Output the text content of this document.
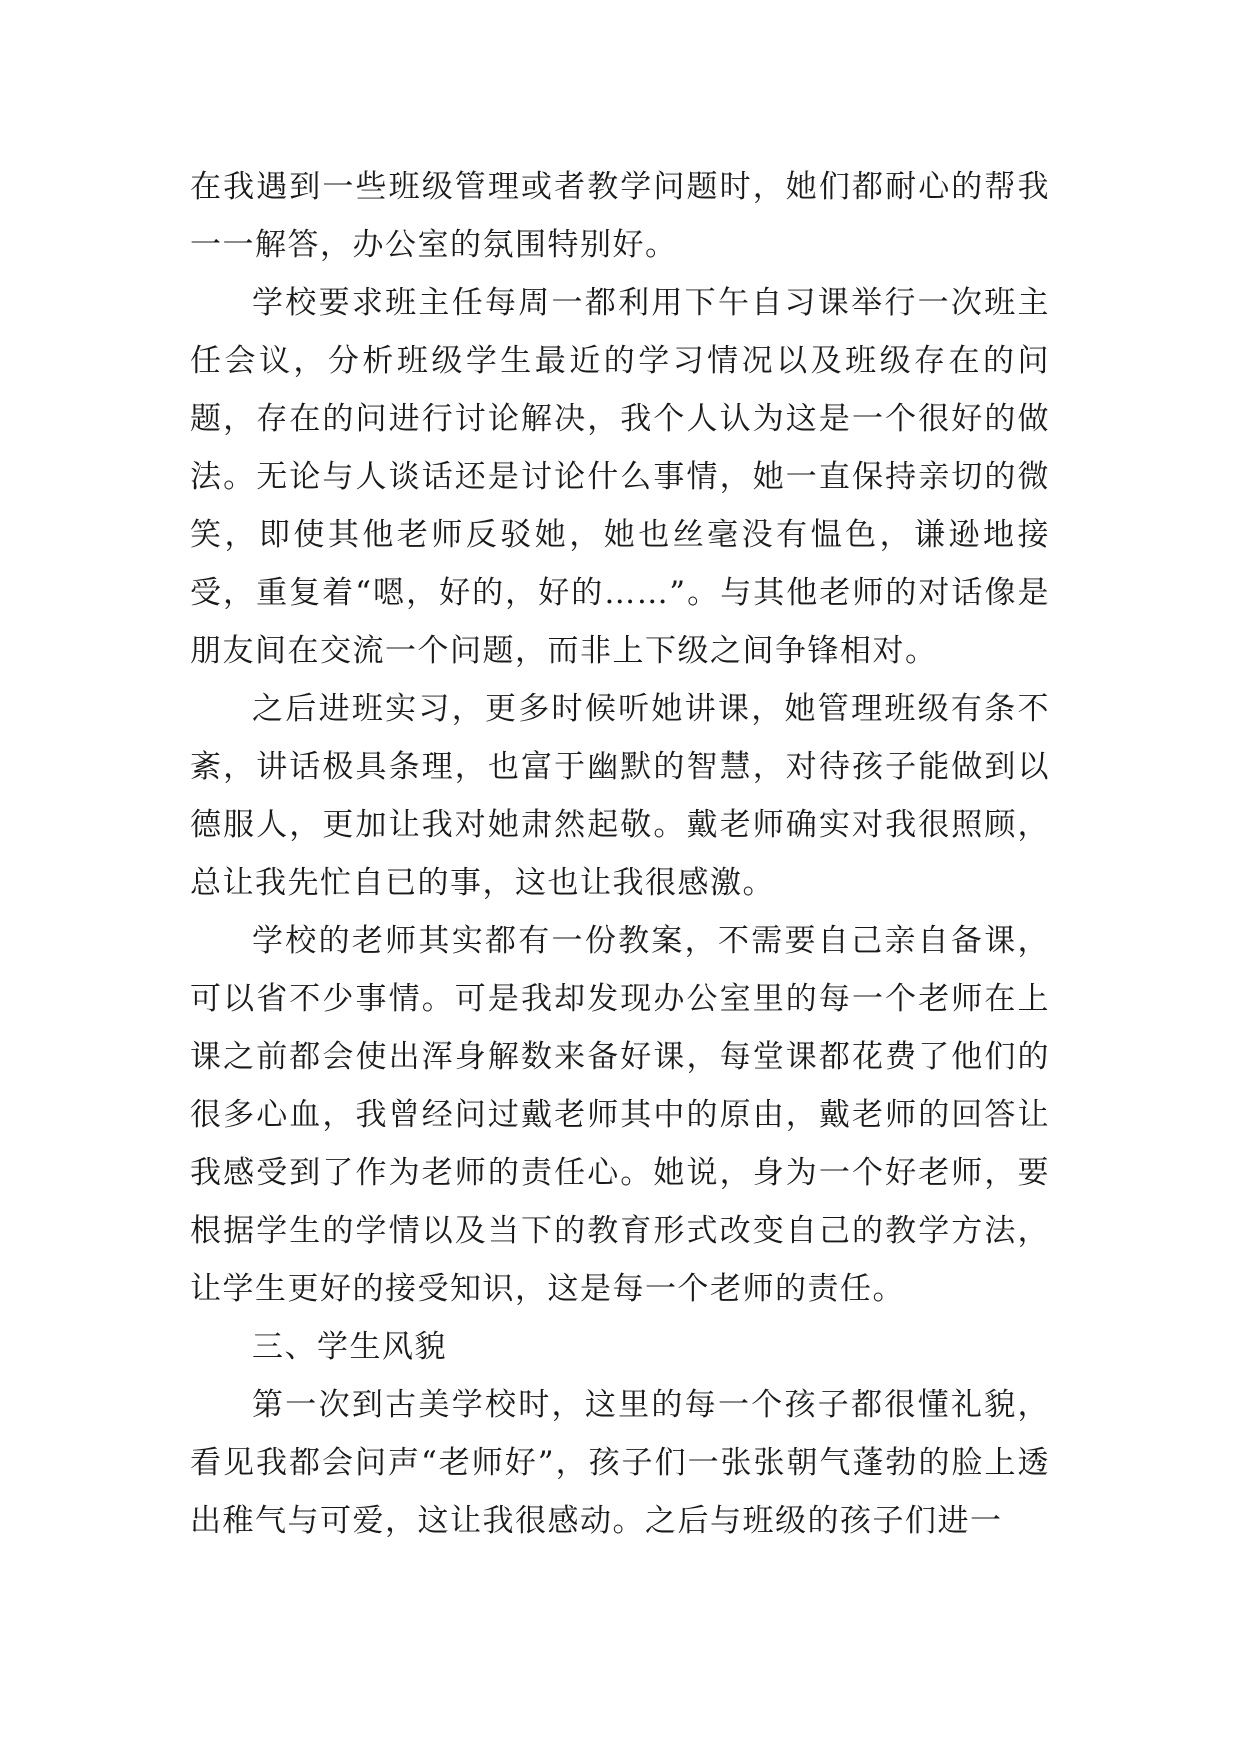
在我遇到一些班级管理或者教学问题时，她们都耐心的帮我一一解答，办公室的氛围特别好。

学校要求班主任每周一都利用下午自习课举行一次班主任会议，分析班级学生最近的学习情况以及班级存在的问题，存在的问进行讨论解决，我个人认为这是一个很好的做法。无论与人谈话还是讨论什么事情，她一直保持亲切的微笑，即使其他老师反驳她，她也丝毫没有愠色，谦逊地接受，重复着“嗯，好的，好的……”。与其他老师的对话像是朋友间在交流一个问题，而非上下级之间争锋相对。

之后进班实习，更多时候听她讲课，她管理班级有条不紊，讲话极具条理，也富于幽默的智慧，对待孩子能做到以德服人，更加让我对她肃然起敬。戴老师确实对我很照顾，总让我先忙自已的事，这也让我很感激。

学校的老师其实都有一份教案，不需要自己亲自备课，可以省不少事情。可是我却发现办公室里的每一个老师在上课之前都会使出浑身解数来备好课，每堂课都花费了他们的很多心血，我曾经问过戴老师其中的原由，戴老师的回答让我感受到了作为老师的责任心。她说，身为一个好老师，要根据学生的学情以及当下的教育形式改变自己的教学方法，让学生更好的接受知识，这是每一个老师的责任。

三、学生风貌

第一次到古美学校时，这里的每一个孩子都很懂礼貌，看见我都会问声“老师好”，孩子们一张张朝气蓬勃的脸上透出稚气与可爱，这让我很感动。之后与班级的孩子们进一
